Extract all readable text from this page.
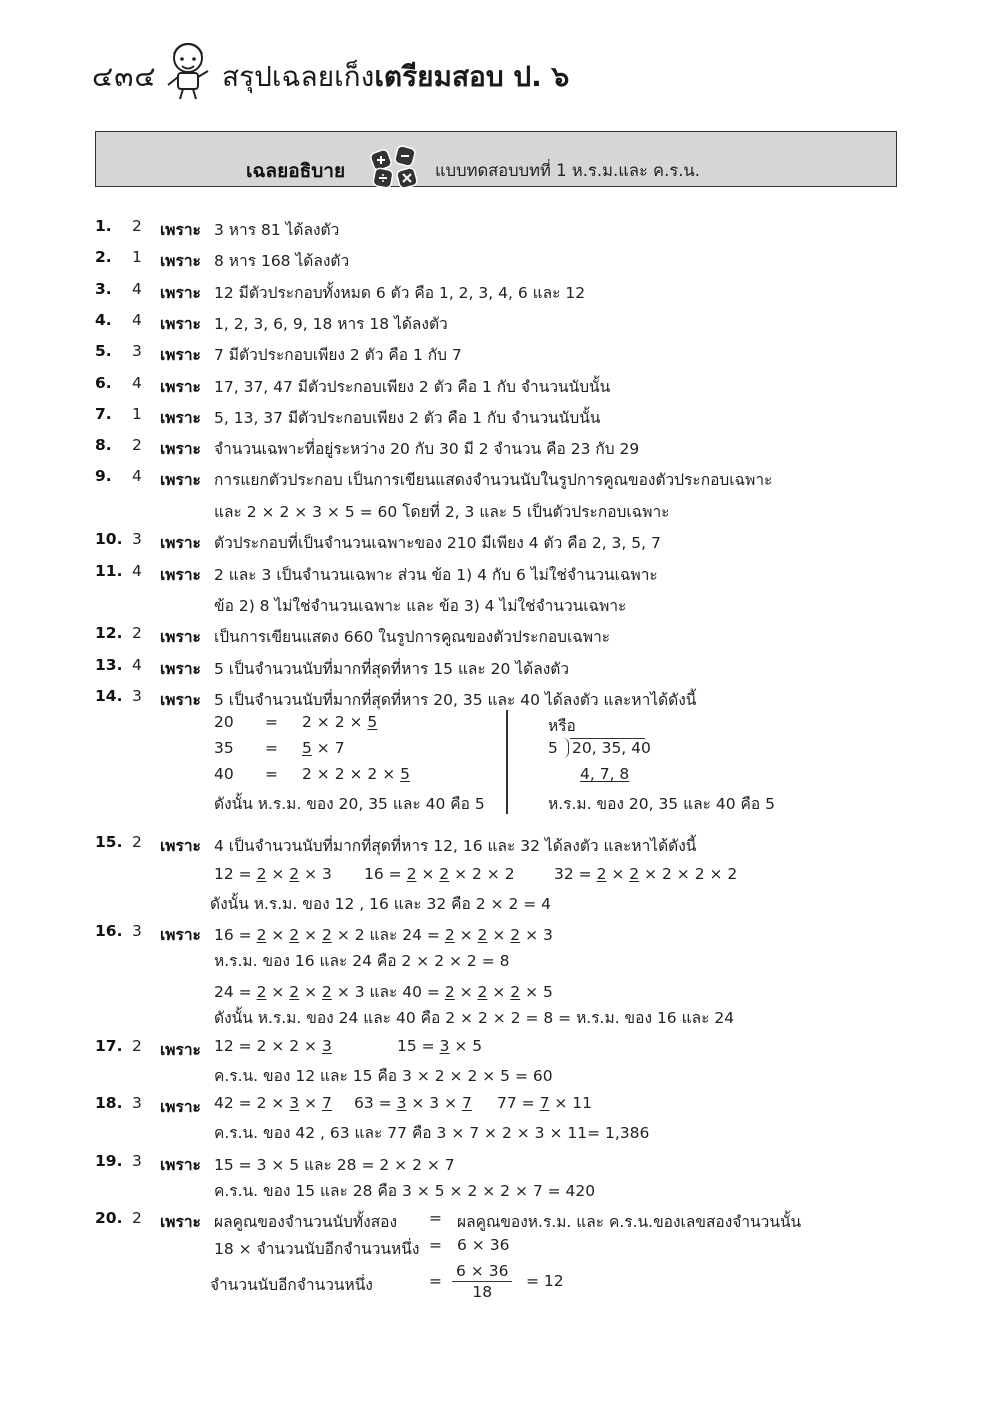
๔๓๔ สรุปเฉลยเก็งเตรียมสอบ ป. ๖
เฉลยอธิบาย	แบบทดสอบบทที่ 1 ห.ร.ม.และ ค.ร.น.
1. 2 เพราะ 3 หาร 81 ได้ลงตัว
2. 1 เพราะ 8 หาร 168 ได้ลงตัว
3. 4 เพราะ 12 มีตัวประกอบทั้งหมด 6 ตัว คือ 1, 2, 3, 4, 6 และ 12
4. 4 เพราะ 1, 2, 3, 6, 9, 18 หาร 18 ได้ลงตัว
5. 3 เพราะ 7 มีตัวประกอบเพียง 2 ตัว คือ 1 กับ 7
6. 4 เพราะ 17, 37, 47 มีตัวประกอบเพียง 2 ตัว คือ 1 กับ จำนวนนับนั้น
7. 1 เพราะ 5, 13, 37 มีตัวประกอบเพียง 2 ตัว คือ 1 กับ จำนวนนับนั้น
8. 2 เพราะ จำนวนเฉพาะที่อยู่ระหว่าง 20 กับ 30 มี 2 จำนวน คือ 23 กับ 29
9. 4 เพราะ การแยกตัวประกอบ เป็นการเขียนแสดงจำนวนนับในรูปการคูณของตัวประกอบเฉพาะ
และ 2 × 2 × 3 × 5 = 60 โดยที่ 2, 3 และ 5 เป็นตัวประกอบเฉพาะ
10. 3 เพราะ ตัวประกอบที่เป็นจำนวนเฉพาะของ 210 มีเพียง 4 ตัว คือ 2, 3, 5, 7
11. 4 เพราะ 2 และ 3 เป็นจำนวนเฉพาะ ส่วน ข้อ 1) 4 กับ 6 ไม่ใช่จำนวนเฉพาะ
ข้อ 2) 8 ไม่ใช่จำนวนเฉพาะ และ ข้อ 3) 4 ไม่ใช่จำนวนเฉพาะ
12. 2 เพราะ เป็นการเขียนแสดง 660 ในรูปการคูณของตัวประกอบเฉพาะ
13. 4 เพราะ 5 เป็นจำนวนนับที่มากที่สุดที่หาร 15 และ 20 ได้ลงตัว
14. 3 เพราะ 5 เป็นจำนวนนับที่มากที่สุดที่หาร 20, 35 และ 40 ได้ลงตัว และหาได้ดังนี้
20 = 2 × 2 × 5
35 = 5 × 7
40 = 2 × 2 × 2 × 5
ดังนั้น ห.ร.ม. ของ 20, 35 และ 40 คือ 5
หรือ
5 20, 35, 40
4, 7, 8
ห.ร.ม. ของ 20, 35 และ 40 คือ 5
15. 2 เพราะ 4 เป็นจำนวนนับที่มากที่สุดที่หาร 12, 16 และ 32 ได้ลงตัว และหาได้ดังนี้
12 = 2 × 2 × 3 16 = 2 × 2 × 2 × 2	32 = 2 × 2 × 2 × 2 × 2
ดังนั้น ห.ร.ม. ของ 12 , 16 และ 32 คือ 2 × 2 = 4
16. 3 เพราะ 16 = 2 × 2 × 2 × 2 และ 24 = 2 × 2 × 2 × 3
ห.ร.ม. ของ 16 และ 24 คือ 2 × 2 × 2 = 8
24 = 2 × 2 × 2 × 3 และ 40 = 2 × 2 × 2 × 5
ดังนั้น ห.ร.ม. ของ 24 และ 40 คือ 2 × 2 × 2 = 8 = ห.ร.ม. ของ 16 และ 24
17. 2 เพราะ 12 = 2 × 2 × 3	15 = 3 × 5
ค.ร.น. ของ 12 และ 15 คือ 3 × 2 × 2 × 5 = 60
18. 3 เพราะ 42 = 2 × 3 × 7 63 = 3 × 3 × 7 77 = 7 × 11
ค.ร.น. ของ 42 , 63 และ 77 คือ 3 × 7 × 2 × 3 × 11= 1,386
19. 3 เพราะ 15 = 3 × 5 และ 28 = 2 × 2 × 7
ค.ร.น. ของ 15 และ 28 คือ 3 × 5 × 2 × 2 × 7 = 420
20. 2 เพราะ ผลคูณของจำนวนนับทั้งสอง = ผลคูณของห.ร.ม. และ ค.ร.น.ของเลขสองจำนวนนั้น
18 × จำนวนนับอีกจำนวนหนึ่ง = 6 × 36
จำนวนนับอีกจำนวนหนึ่ง	= $\frac{6 \times 36}{18} = 12$
